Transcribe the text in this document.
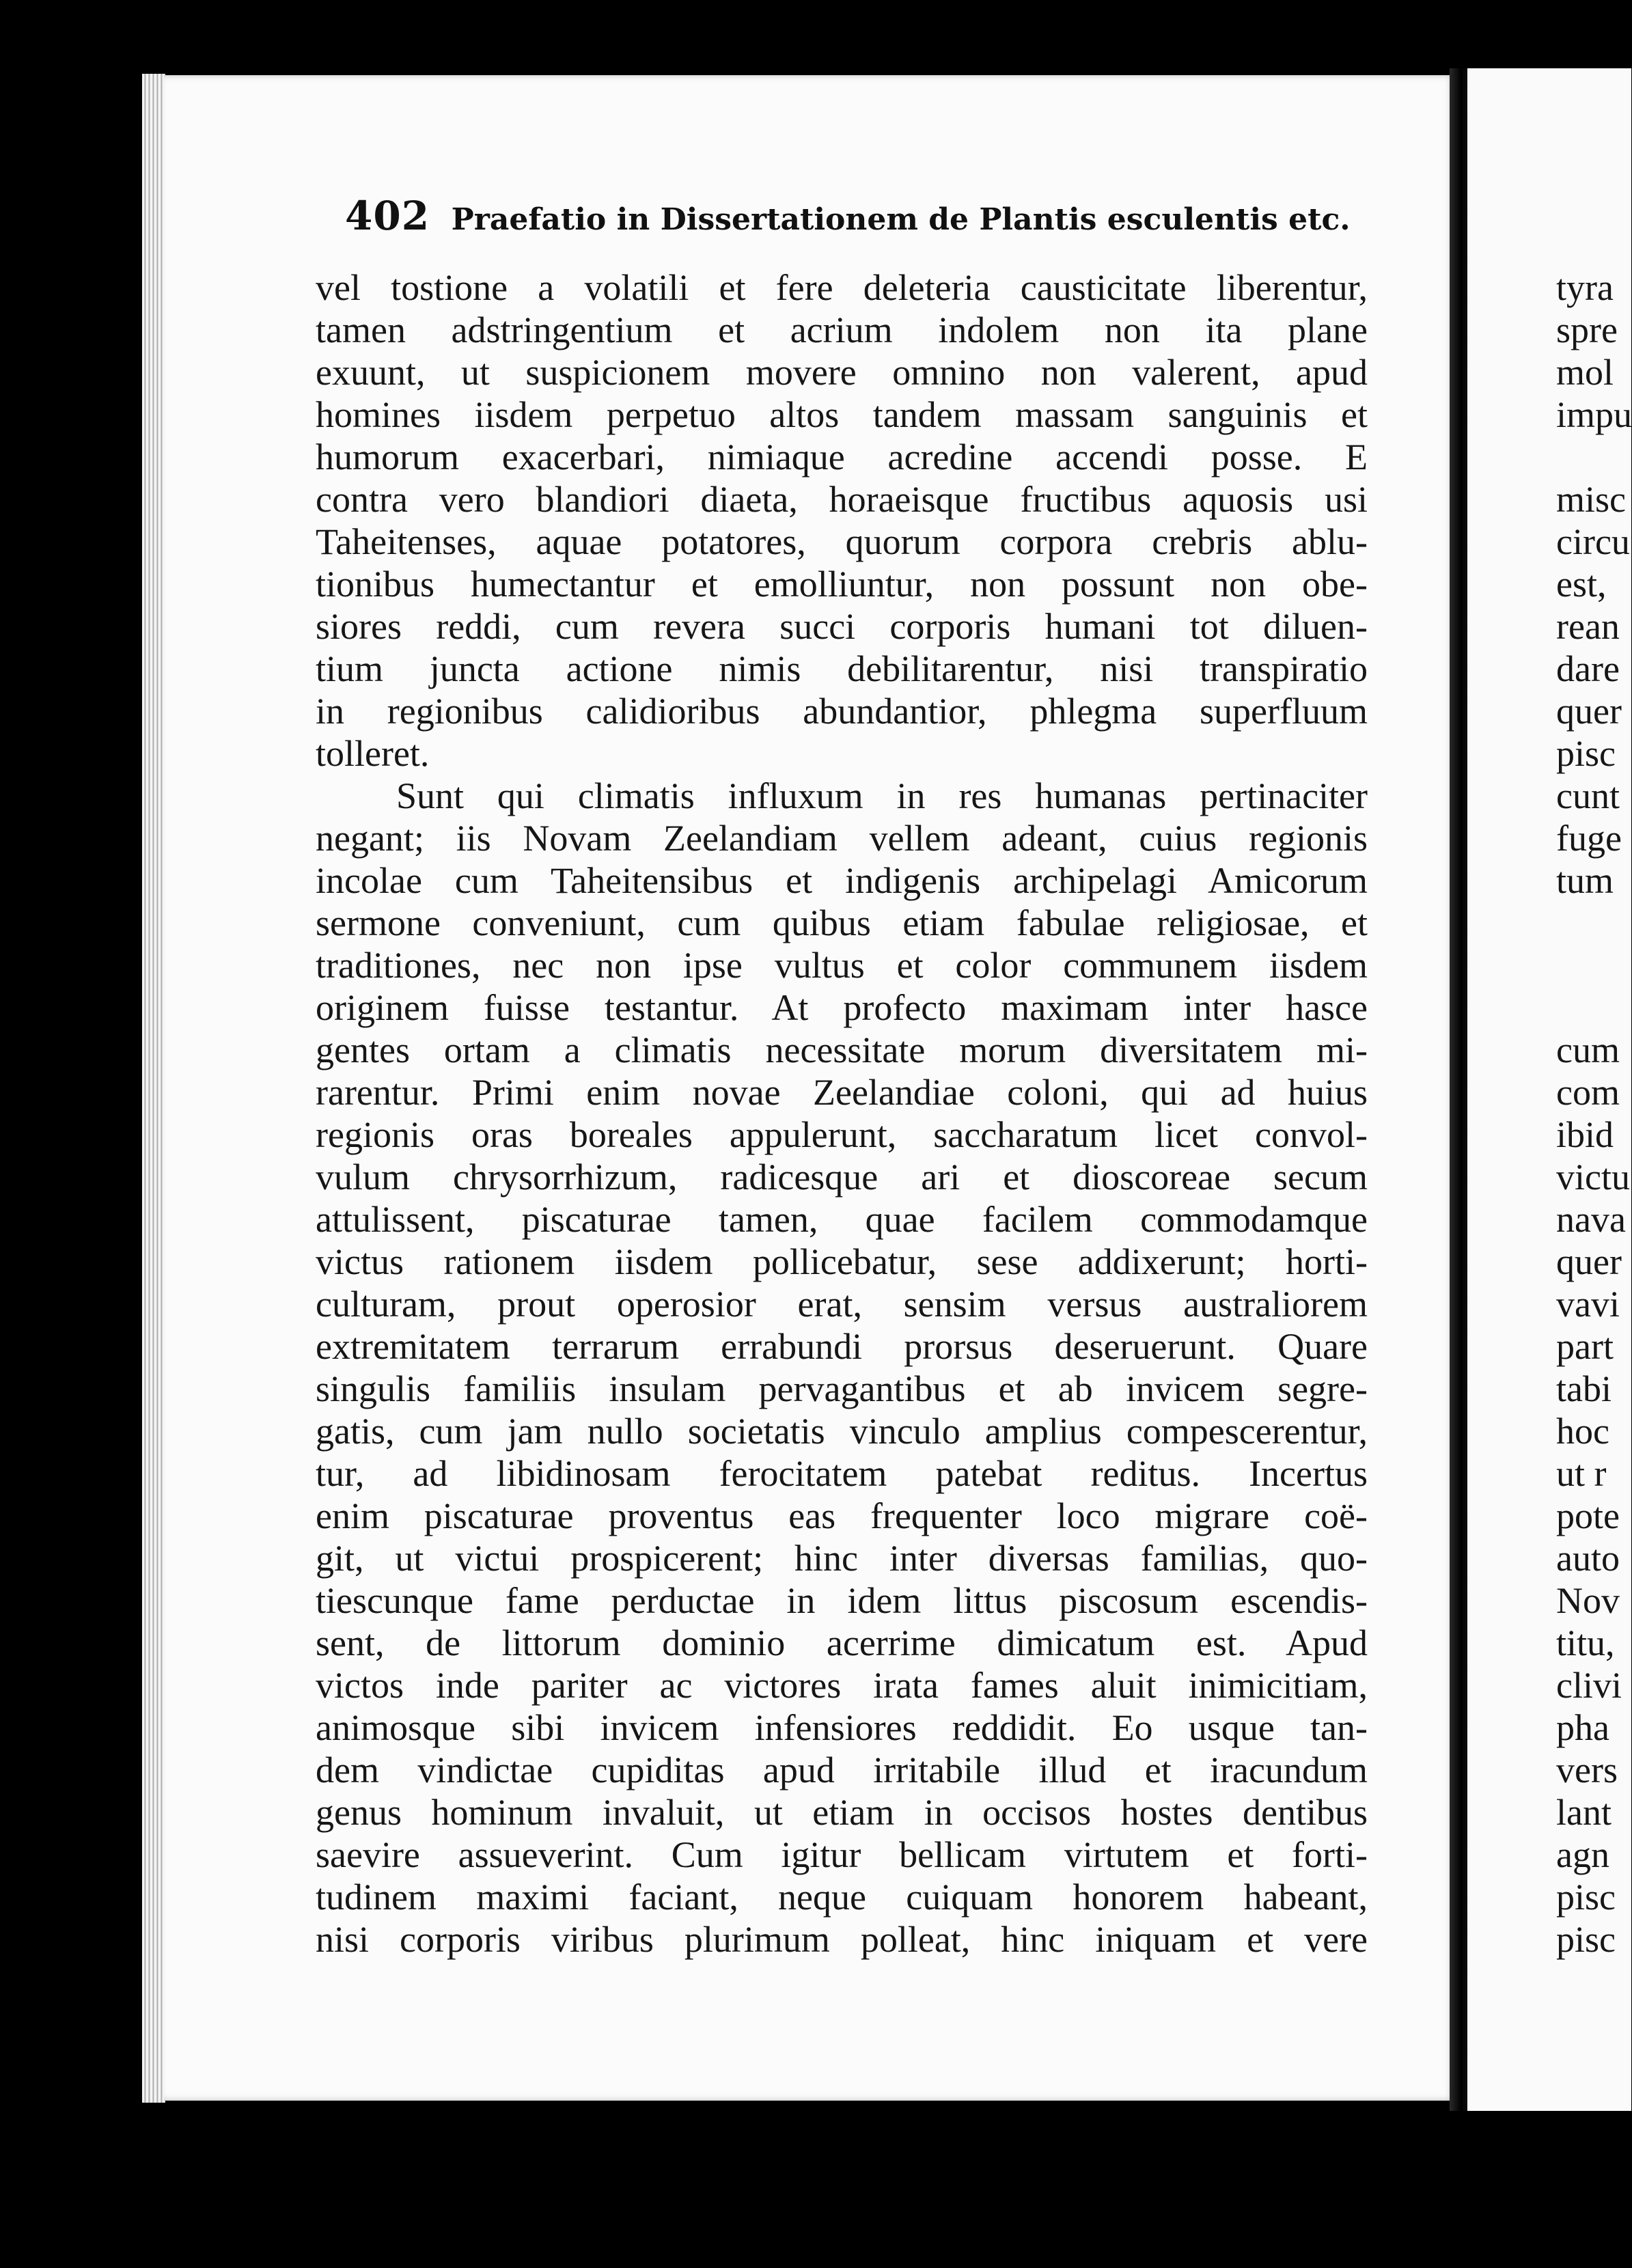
402 Praefatio in Dissertationem de Plantis esculentis etc.
vel tostione a volatili et fere deleteria causticitate liberentur,
tamen adstringentium et acrium indolem non ita plane
exuunt, ut suspicionem movere omnino non valerent, apud
homines iisdem perpetuo altos tandem massam sanguinis et
humorum exacerbari, nimiaque acredine accendi posse. E
contra vero blandiori diaeta, horaeisque fructibus aquosis usi
Taheitenses, aquae potatores, quorum corpora crebris ablu-
tionibus humectantur et emolliuntur, non possunt non obe-
siores reddi, cum revera succi corporis humani tot diluen-
tium juncta actione nimis debilitarentur, nisi transpiratio
in regionibus calidioribus abundantior, phlegma superfluum
tolleret.
Sunt qui climatis influxum in res humanas pertinaciter
negant; iis Novam Zeelandiam vellem adeant, cuius regionis
incolae cum Taheitensibus et indigenis archipelagi Amicorum
sermone conveniunt, cum quibus etiam fabulae religiosae, et
traditiones, nec non ipse vultus et color communem iisdem
originem fuisse testantur. At profecto maximam inter hasce
gentes ortam a climatis necessitate morum diversitatem mi-
rarentur. Primi enim novae Zeelandiae coloni, qui ad huius
regionis oras boreales appulerunt, saccharatum licet convol-
vulum chrysorrhizum, radicesque ari et dioscoreae secum
attulissent, piscaturae tamen, quae facilem commodamque
victus rationem iisdem pollicebatur, sese addixerunt; horti-
culturam, prout operosior erat, sensim versus australiorem
extremitatem terrarum errabundi prorsus deseruerunt. Quare
singulis familiis insulam pervagantibus et ab invicem segre-
gatis, cum jam nullo societatis vinculo amplius compescerentur,
tur, ad libidinosam ferocitatem patebat reditus. Incertus
enim piscaturae proventus eas frequenter loco migrare coë-
git, ut victui prospicerent; hinc inter diversas familias, quo-
tiescunque fame perductae in idem littus piscosum escendis-
sent, de littorum dominio acerrime dimicatum est. Apud
victos inde pariter ac victores irata fames aluit inimicitiam,
animosque sibi invicem infensiores reddidit. Eo usque tan-
dem vindictae cupiditas apud irritabile illud et iracundum
genus hominum invaluit, ut etiam in occisos hostes dentibus
saevire assueverint. Cum igitur bellicam virtutem et forti-
tudinem maximi faciant, neque cuiquam honorem habeant,
nisi corporis viribus plurimum polleat, hinc iniquam et vere
tyra
spre
mol
impu
misc
circu
est,
rean
dare
quer
pisc
cunt
fuge
tum
cum
com
ibid
victu
nava
quer
vavi
part
tabi
hoc
ut r
pote
auto
Nov
titu,
clivi
pha
vers
lant
agn
pisc
pisc
